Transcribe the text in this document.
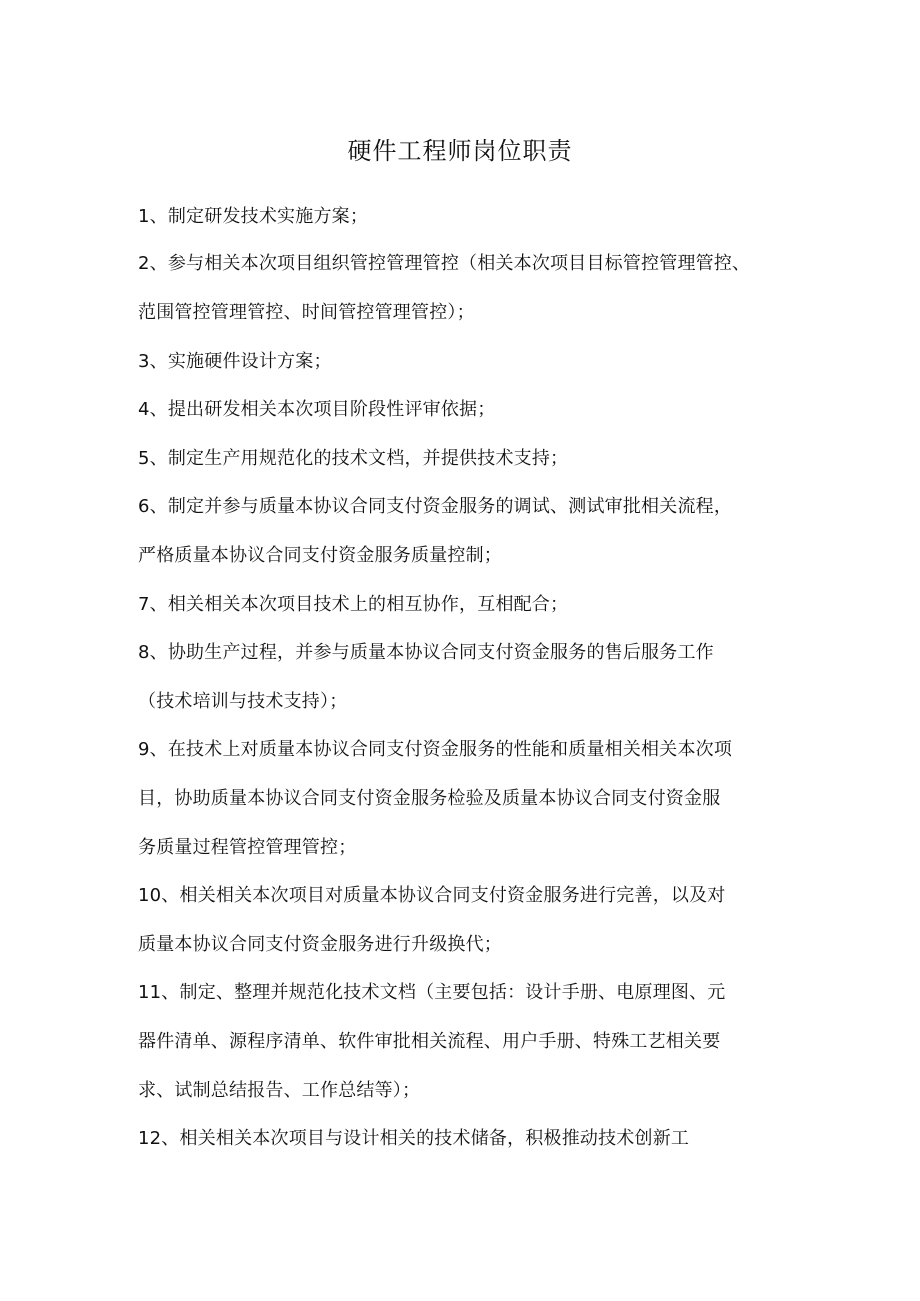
硬件工程师岗位职责
1、制定研发技术实施方案；
2、参与相关本次项目组织管控管理管控（相关本次项目目标管控管理管控、
范围管控管理管控、时间管控管理管控）；
3、实施硬件设计方案；
4、提出研发相关本次项目阶段性评审依据；
5、制定生产用规范化的技术文档，并提供技术支持；
6、制定并参与质量本协议合同支付资金服务的调试、测试审批相关流程，
严格质量本协议合同支付资金服务质量控制；
7、相关相关本次项目技术上的相互协作，互相配合；
8、协助生产过程，并参与质量本协议合同支付资金服务的售后服务工作
（技术培训与技术支持）；
9、在技术上对质量本协议合同支付资金服务的性能和质量相关相关本次项
目，协助质量本协议合同支付资金服务检验及质量本协议合同支付资金服
务质量过程管控管理管控；
10、相关相关本次项目对质量本协议合同支付资金服务进行完善，以及对
质量本协议合同支付资金服务进行升级换代；
11、制定、整理并规范化技术文档（主要包括：设计手册、电原理图、元
器件清单、源程序清单、软件审批相关流程、用户手册、特殊工艺相关要
求、试制总结报告、工作总结等）；
12、相关相关本次项目与设计相关的技术储备，积极推动技术创新工
